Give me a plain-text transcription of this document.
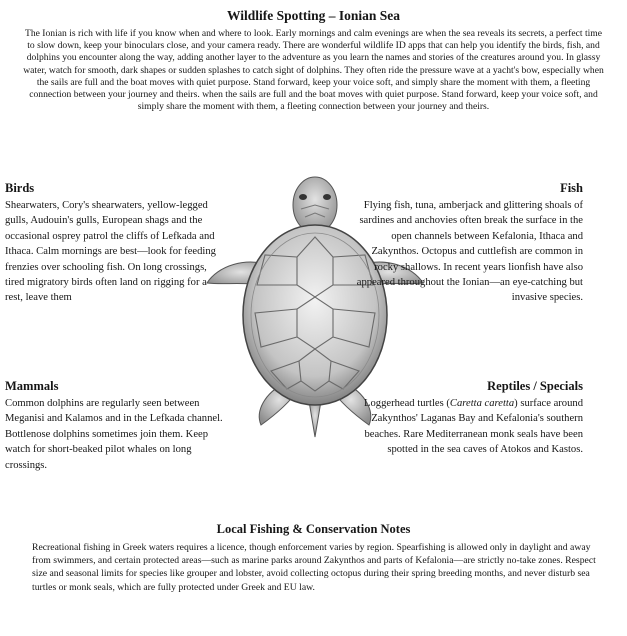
Wildlife Spotting – Ionian Sea

The Ionian is rich with life if you know when and where to look. Early mornings and calm evenings are when the sea reveals its secrets, a perfect time to slow down, keep your binoculars close, and your camera ready. There are wonderful wildlife ID apps that can help you identify the birds, fish, and dolphins you encounter along the way, adding another layer to the adventure as you learn the names and stories of the creatures around you. In glassy water, watch for smooth, dark shapes or sudden splashes to catch sight of dolphins. They often ride the pressure wave at a yacht's bow, especially when the sails are full and the boat moves with quiet purpose. Stand forward, keep your voice soft, and simply share the moment with them, a fleeting connection between your journey and theirs. when the sails are full and the boat moves with quiet purpose. Stand forward, keep your voice soft, and simply share the moment with them, a fleeting connection between your journey and theirs.

Birds

Shearwaters, Cory's shearwaters, yellow-legged gulls, Audouin's gulls, European shags and the occasional osprey patrol the cliffs of Lefkada and Ithaca. Calm mornings are best—look for feeding frenzies over schooling fish. On long crossings, tired migratory birds often land on rigging for a rest, leave them

Fish

Flying fish, tuna, amberjack and glittering shoals of sardines and anchovies often break the surface in the open channels between Kefalonia, Ithaca and Zakynthos. Octopus and cuttlefish are common in rocky shallows. In recent years lionfish have also appeared throughout the Ionian—an eye-catching but invasive species.

Mammals

Common dolphins are regularly seen between Meganisi and Kalamos and in the Lefkada channel. Bottlenose dolphins sometimes join them. Keep watch for short-beaked pilot whales on long crossings.

Reptiles / Specials

Loggerhead turtles (Caretta caretta) surface around Zakynthos' Laganas Bay and Kefalonia's southern beaches. Rare Mediterranean monk seals have been spotted in the sea caves of Atokos and Kastos.

Local Fishing & Conservation Notes

Recreational fishing in Greek waters requires a licence, though enforcement varies by region. Spearfishing is allowed only in daylight and away from swimmers, and certain protected areas—such as marine parks around Zakynthos and parts of Kefalonia—are strictly no-take zones. Respect size and seasonal limits for species like grouper and lobster, avoid collecting octopus during their spring breeding months, and never disturb sea turtles or monk seals, which are fully protected under Greek and EU law.
